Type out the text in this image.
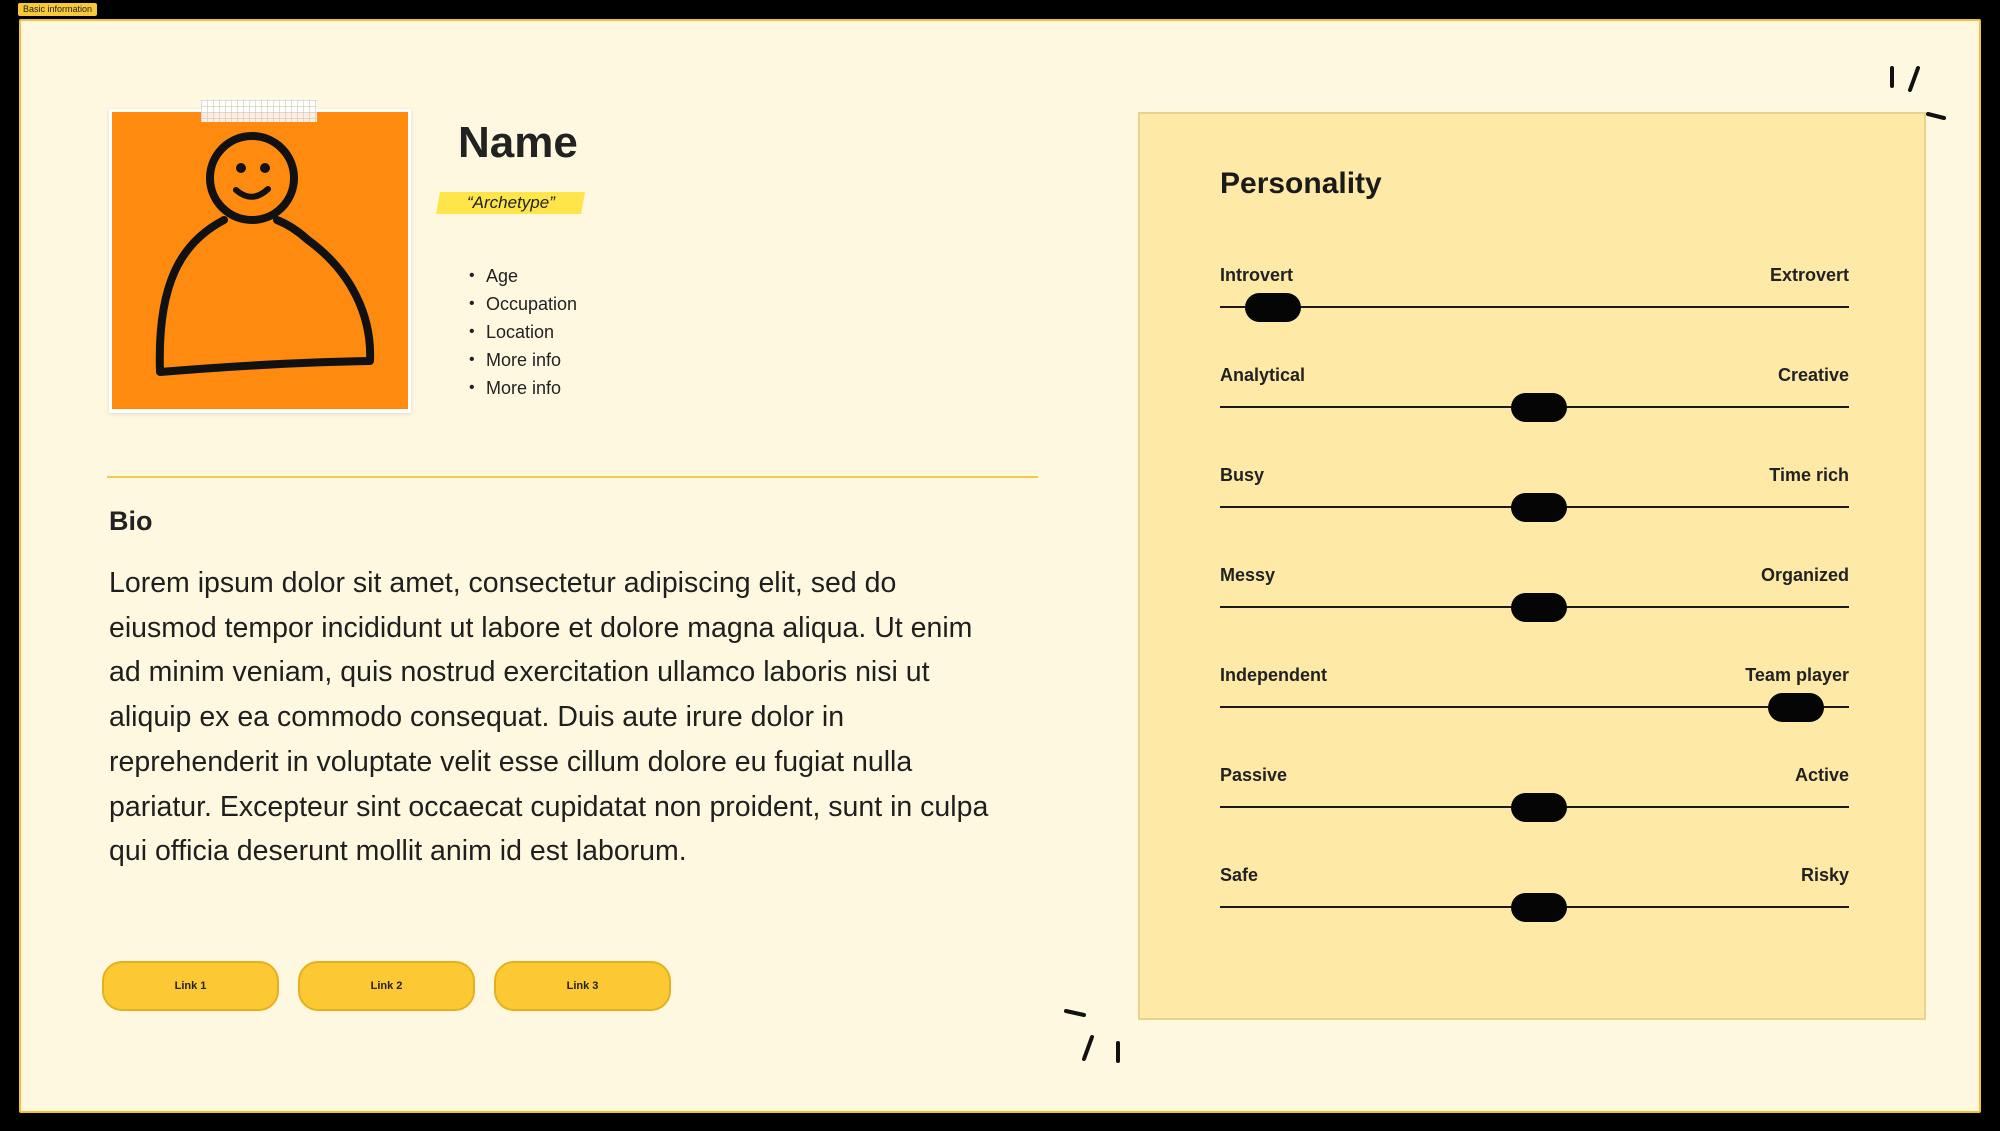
Basic information
Name
“Archetype”
• Age
• Occupation
• Location
• More info
• More info
Bio
Lorem ipsum dolor sit amet, consectetur adipiscing elit, sed do eiusmod tempor incididunt ut labore et dolore magna aliqua. Ut enim ad minim veniam, quis nostrud exercitation ullamco laboris nisi ut aliquip ex ea commodo consequat. Duis aute irure dolor in reprehenderit in voluptate velit esse cillum dolore eu fugiat nulla pariatur. Excepteur sint occaecat cupidatat non proident, sunt in culpa qui officia deserunt mollit anim id est laborum.
Link 1	Link 2	Link 3
Personality
Introvert	Extrovert
Analytical	Creative
Busy	Time rich
Messy	Organized
Independent	Team player
Passive	Active
Safe	Risky
